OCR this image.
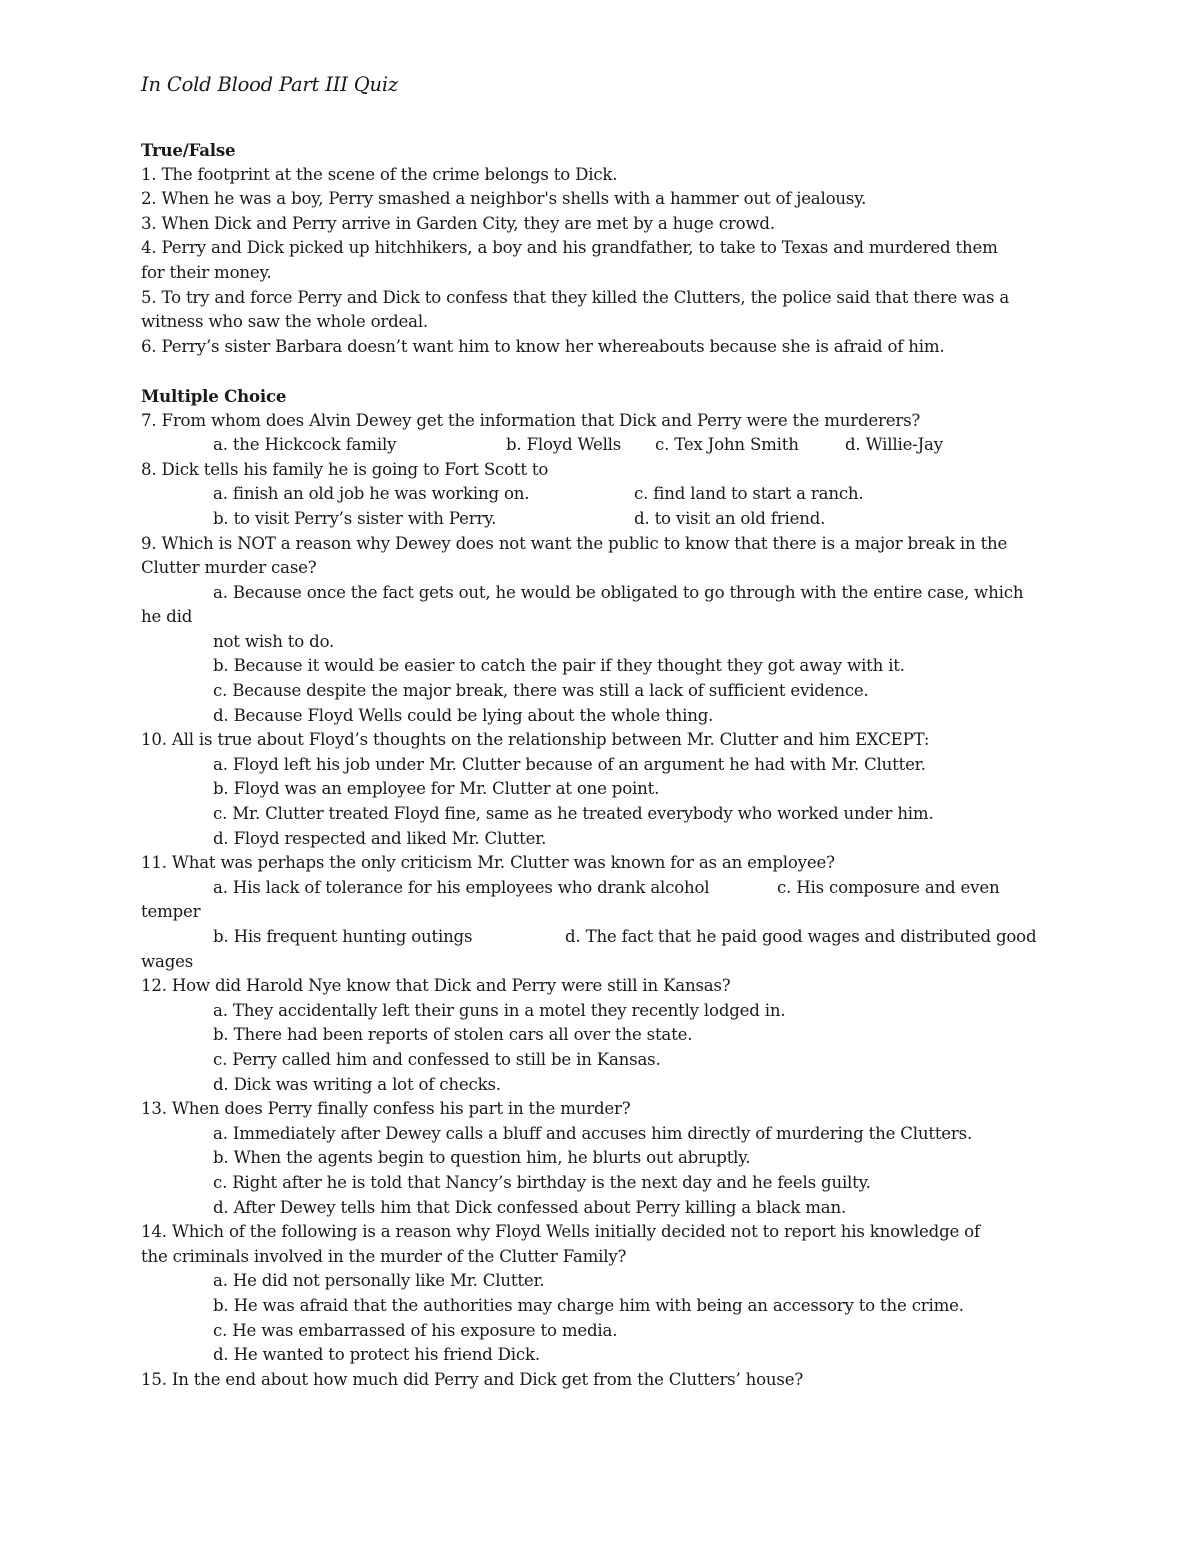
In Cold Blood Part III Quiz

True/False

1. The footprint at the scene of the crime belongs to Dick.

2. When he was a boy, Perry smashed a neighbor's shells with a hammer out of jealousy.

3. When Dick and Perry arrive in Garden City, they are met by a huge crowd.

4. Perry and Dick picked up hitchhikers, a boy and his grandfather, to take to Texas and murdered them

for their money.

5. To try and force Perry and Dick to confess that they killed the Clutters, the police said that there was a

witness who saw the whole ordeal.

6. Perry’s sister Barbara doesn’t want him to know her whereabouts because she is afraid of him.

Multiple Choice

7. From whom does Alvin Dewey get the information that Dick and Perry were the murderers?

a. the Hickcock family	b. Floyd Wells	c. Tex John Smith	d. Willie-Jay

8. Dick tells his family he is going to Fort Scott to

a. finish an old job he was working on.	c. find land to start a ranch.
b. to visit Perry’s sister with Perry.	d. to visit an old friend.

9. Which is NOT a reason why Dewey does not want the public to know that there is a major break in the

Clutter murder case?

a. Because once the fact gets out, he would be obligated to go through with the entire case, which

he did

not wish to do.

b. Because it would be easier to catch the pair if they thought they got away with it.

c. Because despite the major break, there was still a lack of sufficient evidence.

d. Because Floyd Wells could be lying about the whole thing.

10. All is true about Floyd’s thoughts on the relationship between Mr. Clutter and him EXCEPT:

a. Floyd left his job under Mr. Clutter because of an argument he had with Mr. Clutter.

b. Floyd was an employee for Mr. Clutter at one point.

c. Mr. Clutter treated Floyd fine, same as he treated everybody who worked under him.

d. Floyd respected and liked Mr. Clutter.

11. What was perhaps the only criticism Mr. Clutter was known for as an employee?

a. His lack of tolerance for his employees who drank alcohol	c. His composure and even

temper

b. His frequent hunting outings	d. The fact that he paid good wages and distributed good

wages

12. How did Harold Nye know that Dick and Perry were still in Kansas?

a. They accidentally left their guns in a motel they recently lodged in.

b. There had been reports of stolen cars all over the state.

c. Perry called him and confessed to still be in Kansas.

d. Dick was writing a lot of checks.

13. When does Perry finally confess his part in the murder?

a. Immediately after Dewey calls a bluff and accuses him directly of murdering the Clutters.

b. When the agents begin to question him, he blurts out abruptly.

c. Right after he is told that Nancy’s birthday is the next day and he feels guilty.

d. After Dewey tells him that Dick confessed about Perry killing a black man.

14. Which of the following is a reason why Floyd Wells initially decided not to report his knowledge of

the criminals involved in the murder of the Clutter Family?

a. He did not personally like Mr. Clutter.

b. He was afraid that the authorities may charge him with being an accessory to the crime.

c. He was embarrassed of his exposure to media.

d. He wanted to protect his friend Dick.

15. In the end about how much did Perry and Dick get from the Clutters’ house?
